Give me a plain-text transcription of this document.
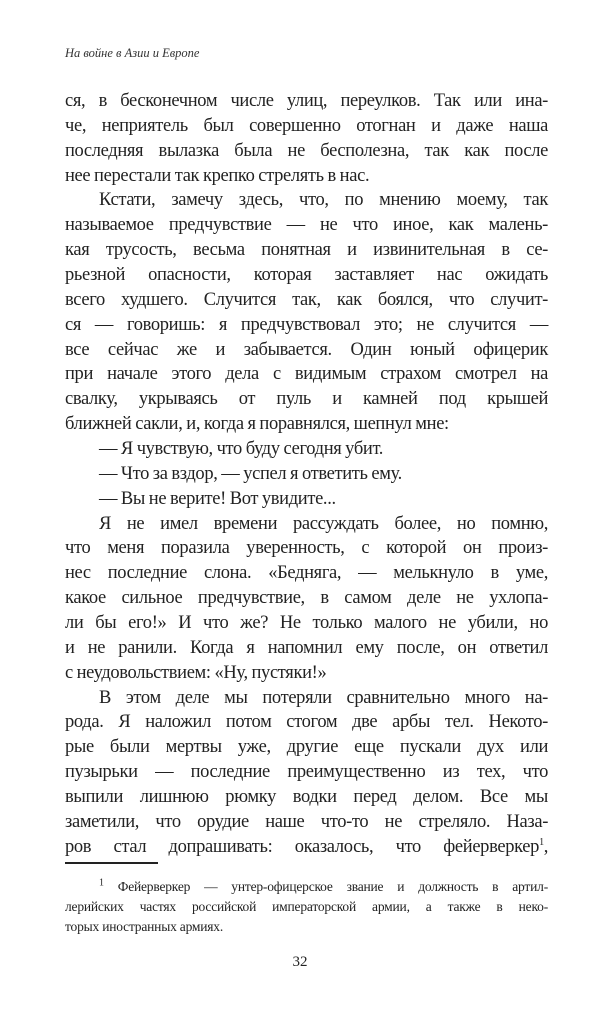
На войне в Азии и Европе
ся, в бесконечном числе улиц, переулков. Так или ина-
че, неприятель был совершенно отогнан и даже наша
последняя вылазка была не бесполезна, так как после
нее перестали так крепко стрелять в нас.
Кстати, замечу здесь, что, по мнению моему, так
называемое предчувствие — не что иное, как малень-
кая трусость, весьма понятная и извинительная в се-
рьезной опасности, которая заставляет нас ожидать
всего худшего. Случится так, как боялся, что случит-
ся — говоришь: я предчувствовал это; не случится —
все сейчас же и забывается. Один юный офицерик
при начале этого дела с видимым страхом смотрел на
свалку, укрываясь от пуль и камней под крышей
ближней сакли, и, когда я поравнялся, шепнул мне:
— Я чувствую, что буду сегодня убит.
— Что за вздор, — успел я ответить ему.
— Вы не верите! Вот увидите...
Я не имел времени рассуждать более, но помню,
что меня поразила уверенность, с которой он произ-
нес последние слона. «Бедняга, — мелькнуло в уме,
какое сильное предчувствие, в самом деле не ухлопа-
ли бы его!» И что же? Не только малого не убили, но
и не ранили. Когда я напомнил ему после, он ответил
с неудовольствием: «Ну, пустяки!»
В этом деле мы потеряли сравнительно много на-
рода. Я наложил потом стогом две арбы тел. Некото-
рые были мертвы уже, другие еще пускали дух или
пузырьки — последние преимущественно из тех, что
выпили лишнюю рюмку водки перед делом. Все мы
заметили, что орудие наше что-то не стреляло. Наза-
ров стал допрашивать: оказалось, что фейерверкер$^1$,
$^1$ Фейерверкер — унтер-офицерское звание и должность в артил-
лерийских частях российской императорской армии, а также в неко-
торых иностранных армиях.
32
